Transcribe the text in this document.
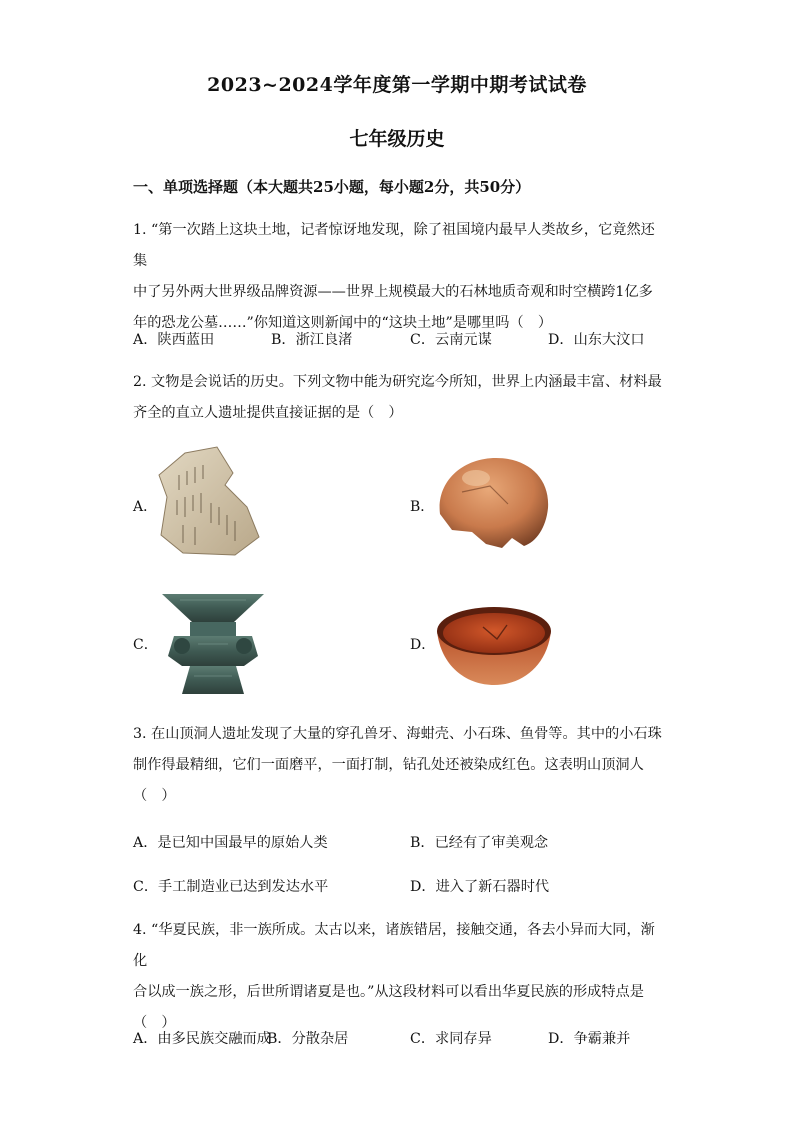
2023~2024学年度第一学期中期考试试卷
七年级历史
一、单项选择题（本大题共25小题，每小题2分，共50分）
1. “第一次踏上这块土地，记者惊讶地发现，除了祖国境内最早人类故乡，它竟然还集
中了另外两大世界级品牌资源——世界上规模最大的石林地质奇观和时空横跨1亿多
年的恐龙公墓……”你知道这则新闻中的“这块土地”是哪里吗（　）
A．陕西蓝田	B．浙江良渚	C．云南元谋	D．山东大汶口
2. 文物是会说话的历史。下列文物中能为研究迄今所知，世界上内涵最丰富、材料最
齐全的直立人遗址提供直接证据的是（　）
A．	B．
C．	D．
3. 在山顶洞人遗址发现了大量的穿孔兽牙、海蚶壳、小石珠、鱼骨等。其中的小石珠
制作得最精细，它们一面磨平，一面打制，钻孔处还被染成红色。这表明山顶洞人
（　）
A．是已知中国最早的原始人类	B．已经有了审美观念
C．手工制造业已达到发达水平	D．进入了新石器时代
4. “华夏民族，非一族所成。太古以来，诸族错居，接触交通，各去小异而大同，渐化
合以成一族之形，后世所谓诸夏是也。”从这段材料可以看出华夏民族的形成特点是
（　）
A．由多民族交融而成
B．分散杂居	C．求同存异	D．争霸兼并
